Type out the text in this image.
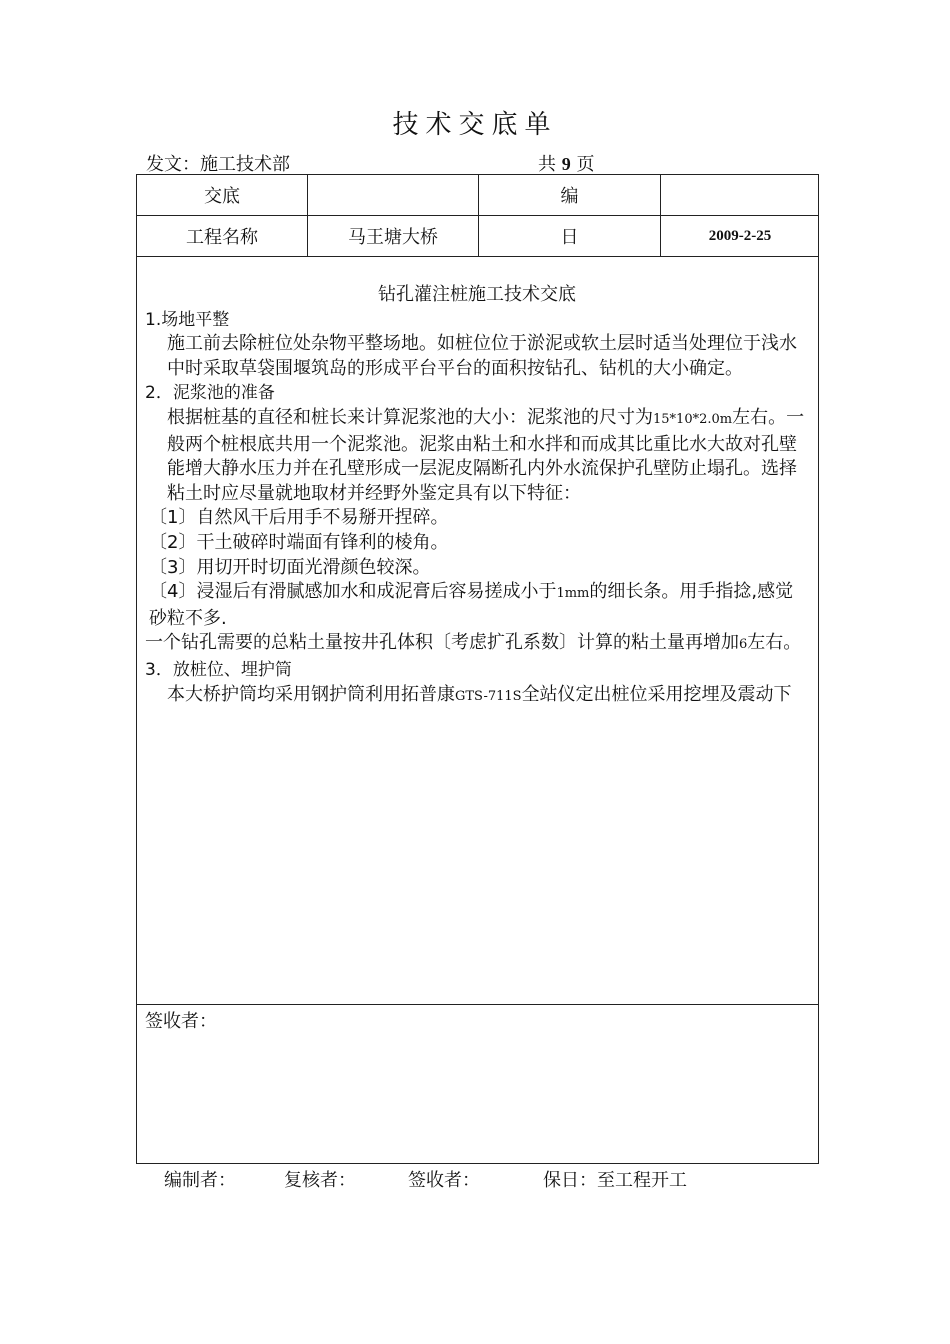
技术交底单
发文：施工技术部	共 9 页
交底	编
工程名称	马王塘大桥	日	2009-2-25

钻孔灌注桩施工技术交底

1.场地平整

施工前去除桩位处杂物平整场地。如桩位位于淤泥或软土层时适当处理位于浅水中时采取草袋围堰筑岛的形成平台平台的面积按钻孔、钻机的大小确定。

2．泥浆池的准备

根据桩基的直径和桩长来计算泥浆池的大小：泥浆池的尺寸为15*10*2.0m左右。一般两个桩根底共用一个泥浆池。泥浆由粘土和水拌和而成其比重比水大故对孔壁能增大静水压力并在孔壁形成一层泥皮隔断孔内外水流保护孔壁防止塌孔。选择粘土时应尽量就地取材并经野外鉴定具有以下特征：

〔1〕自然风干后用手不易掰开捏碎。

〔2〕干土破碎时端面有锋利的棱角。

〔3〕用切开时切面光滑颜色较深。

〔4〕浸湿后有滑腻感加水和成泥膏后容易搓成小于1mm的细长条。用手指捻,感觉砂粒不多.

一个钻孔需要的总粘土量按井孔体积〔考虑扩孔系数〕计算的粘土量再增加6左右。

3．放桩位、埋护筒

本大桥护筒均采用钢护筒利用拓普康GTS-711S全站仪定出桩位采用挖埋及震动下

签收者：
编制者：	复核者：	签收者：	保日：至工程开工
